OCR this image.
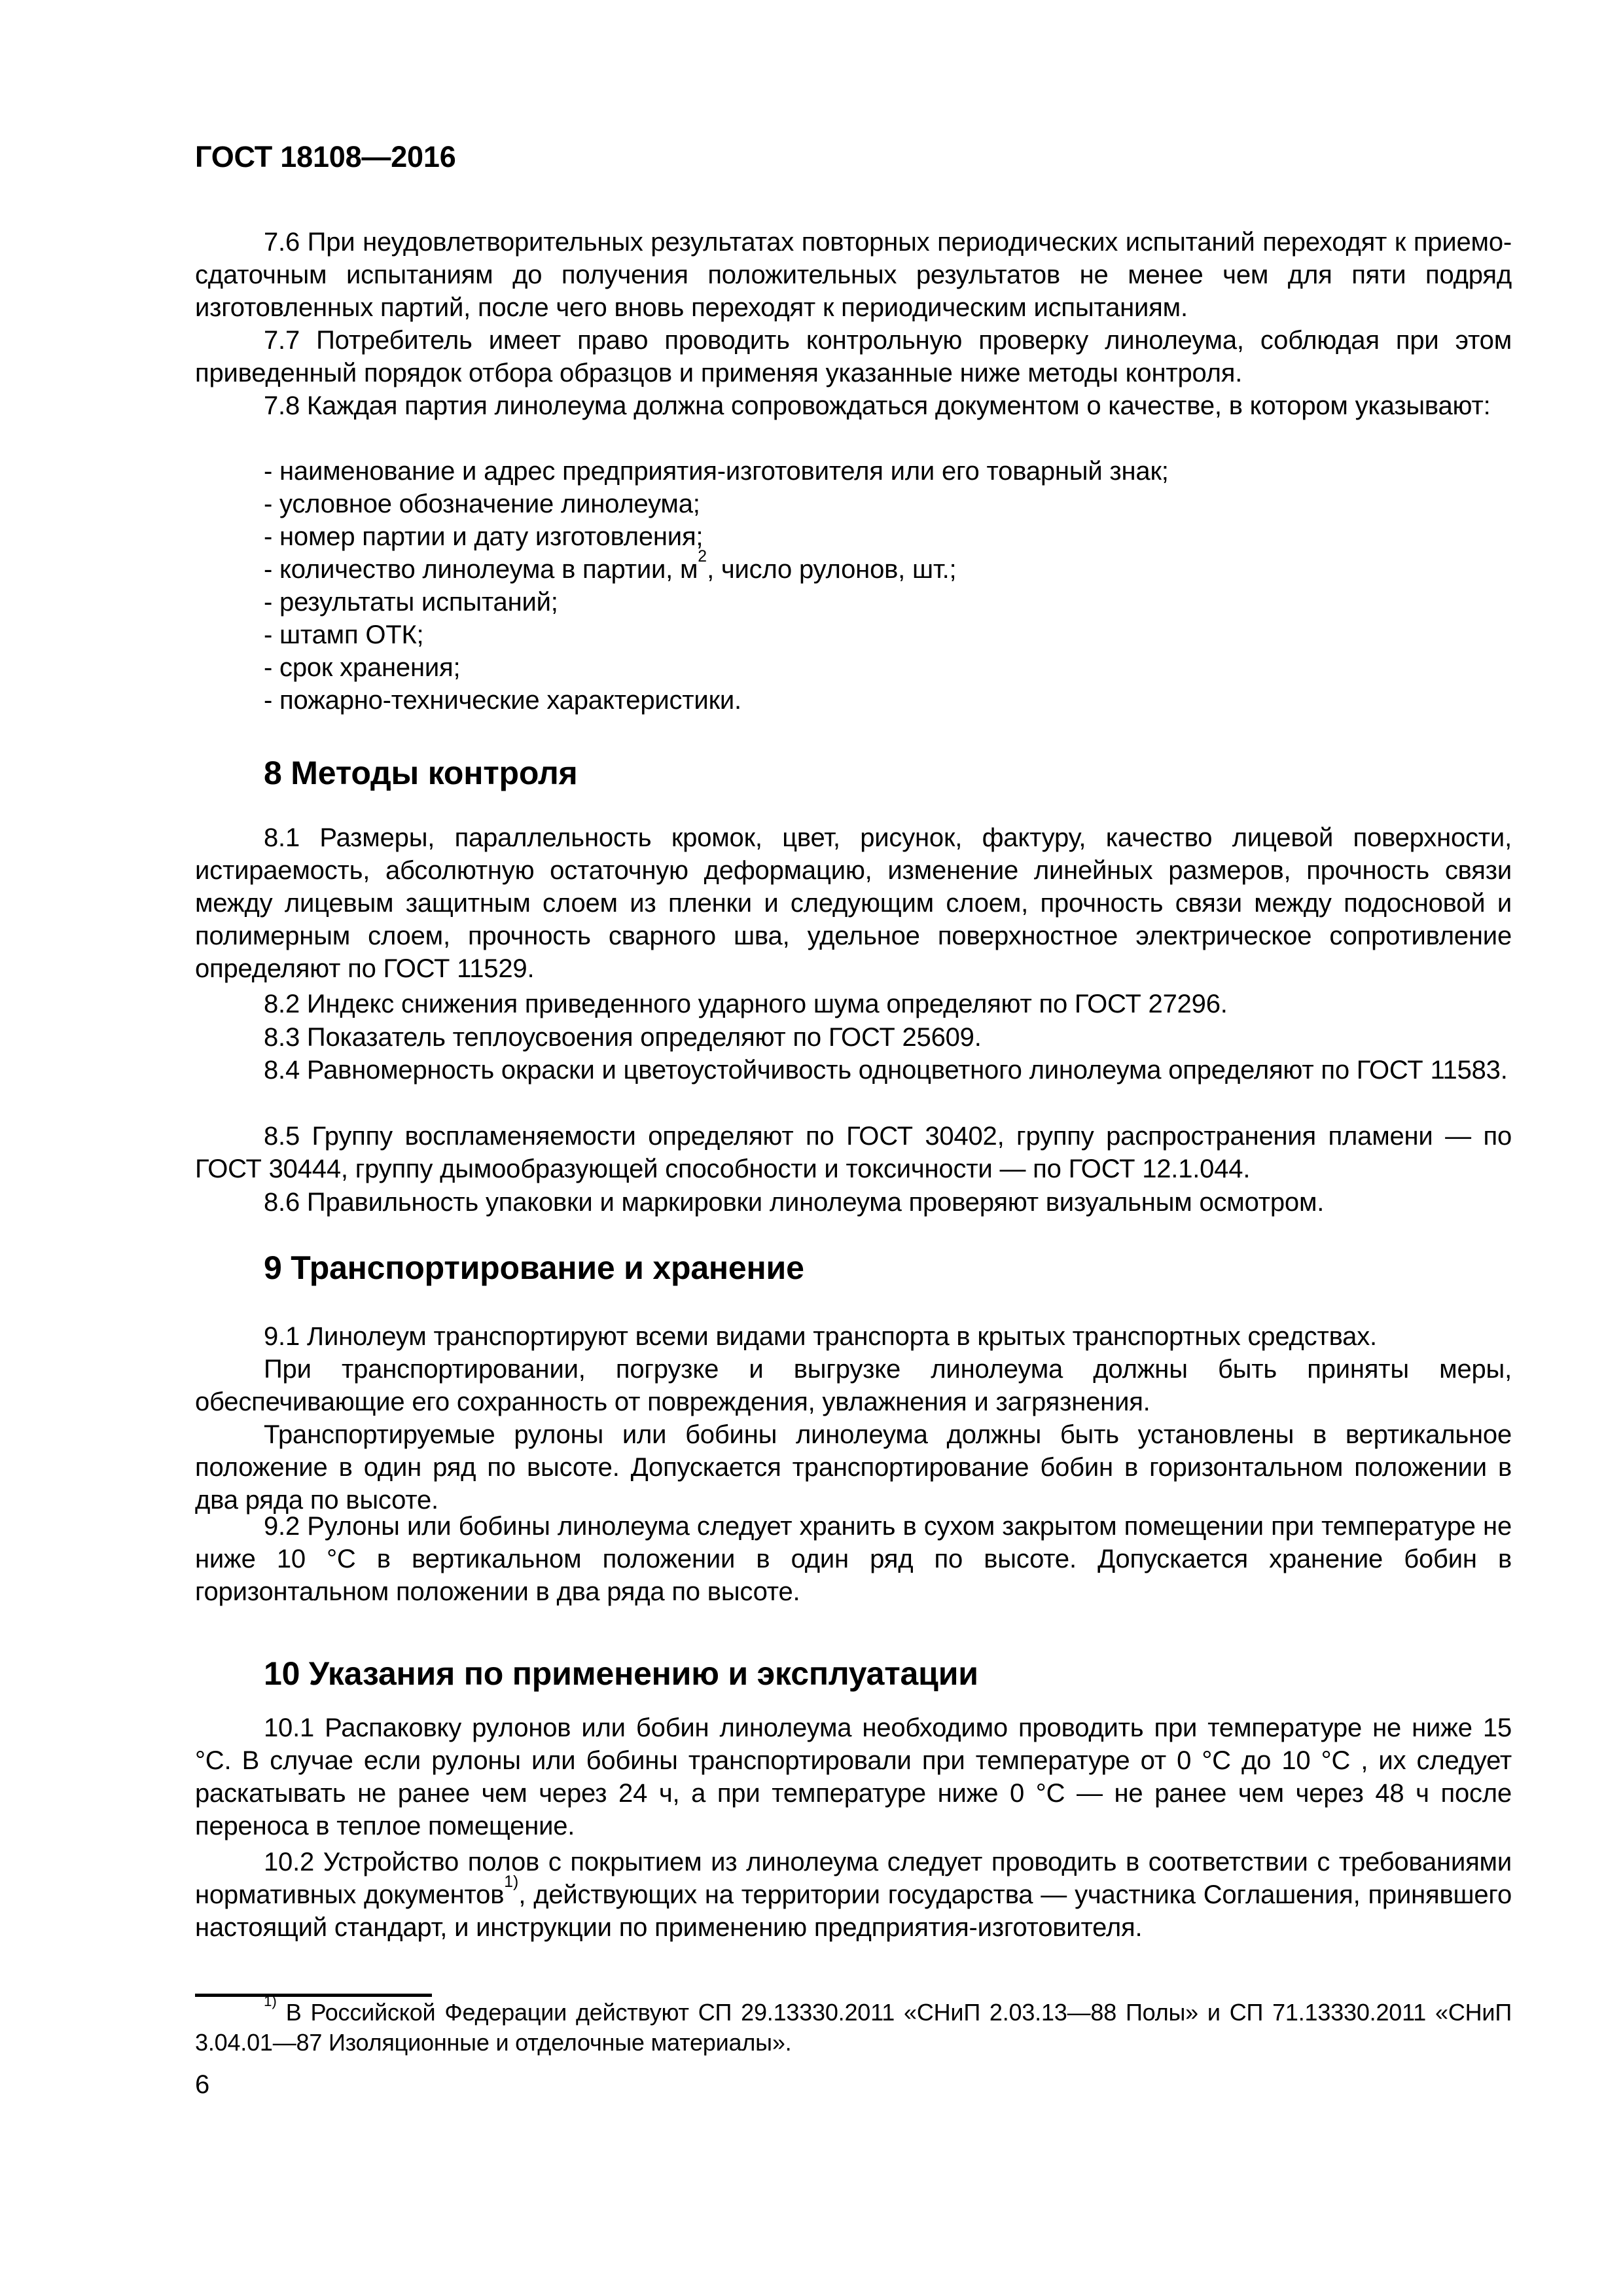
ГОСТ 18108—2016
7.6 При неудовлетворительных результатах повторных периодических испытаний переходят к приемо-сдаточным испытаниям до получения положительных результатов не менее чем для пяти подряд изготовленных партий, после чего вновь переходят к периодическим испытаниям.
7.7 Потребитель имеет право проводить контрольную проверку линолеума, соблюдая при этом приведенный порядок отбора образцов и применяя указанные ниже методы контроля.
7.8 Каждая партия линолеума должна сопровождаться документом о качестве, в котором указывают:
- наименование и адрес предприятия-изготовителя или его товарный знак;
- условное обозначение линолеума;
- номер партии и дату изготовления;
- количество линолеума в партии, $м^2$, число рулонов, шт.;
- результаты испытаний;
- штамп ОТК;
- срок хранения;
- пожарно-технические характеристики.
8 Методы контроля
8.1 Размеры, параллельность кромок, цвет, рисунок, фактуру, качество лицевой поверхности, истираемость, абсолютную остаточную деформацию, изменение линейных размеров, прочность связи между лицевым защитным слоем из пленки и следующим слоем, прочность связи между подосновой и полимерным слоем, прочность сварного шва, удельное поверхностное электрическое сопротивление определяют по ГОСТ 11529.
8.2 Индекс снижения приведенного ударного шума определяют по ГОСТ 27296.
8.3 Показатель теплоусвоения определяют по ГОСТ 25609.
8.4 Равномерность окраски и цветоустойчивость одноцветного линолеума определяют по ГОСТ 11583.
8.5 Группу воспламеняемости определяют по ГОСТ 30402, группу распространения пламени — по ГОСТ 30444, группу дымообразующей способности и токсичности — по ГОСТ 12.1.044.
8.6 Правильность упаковки и маркировки линолеума проверяют визуальным осмотром.
9 Транспортирование и хранение
9.1 Линолеум транспортируют всеми видами транспорта в крытых транспортных средствах.
При транспортировании, погрузке и выгрузке линолеума должны быть приняты меры, обеспечивающие его сохранность от повреждения, увлажнения и загрязнения.
Транспортируемые рулоны или бобины линолеума должны быть установлены в вертикальное положение в один ряд по высоте. Допускается транспортирование бобин в горизонтальном положении в два ряда по высоте.
9.2 Рулоны или бобины линолеума следует хранить в сухом закрытом помещении при температуре не ниже 10 °С в вертикальном положении в один ряд по высоте. Допускается хранение бобин в горизонтальном положении в два ряда по высоте.
10 Указания по применению и эксплуатации
10.1 Распаковку рулонов или бобин линолеума необходимо проводить при температуре не ниже 15 °С. В случае если рулоны или бобины транспортировали при температуре от 0 °С до 10 °С , их следует раскатывать не ранее чем через 24 ч, а при температуре ниже 0 °С — не ранее чем через 48 ч после переноса в теплое помещение.
10.2 Устройство полов с покрытием из линолеума следует проводить в соответствии с требованиями нормативных документов$^{1)}$, действующих на территории государства — участника Соглашения, принявшего настоящий стандарт, и инструкции по применению предприятия-изготовителя.
$^{1)}$ В Российской Федерации действуют СП 29.13330.2011 «СНиП 2.03.13—88 Полы» и СП 71.13330.2011 «СНиП 3.04.01—87 Изоляционные и отделочные материалы».
6
